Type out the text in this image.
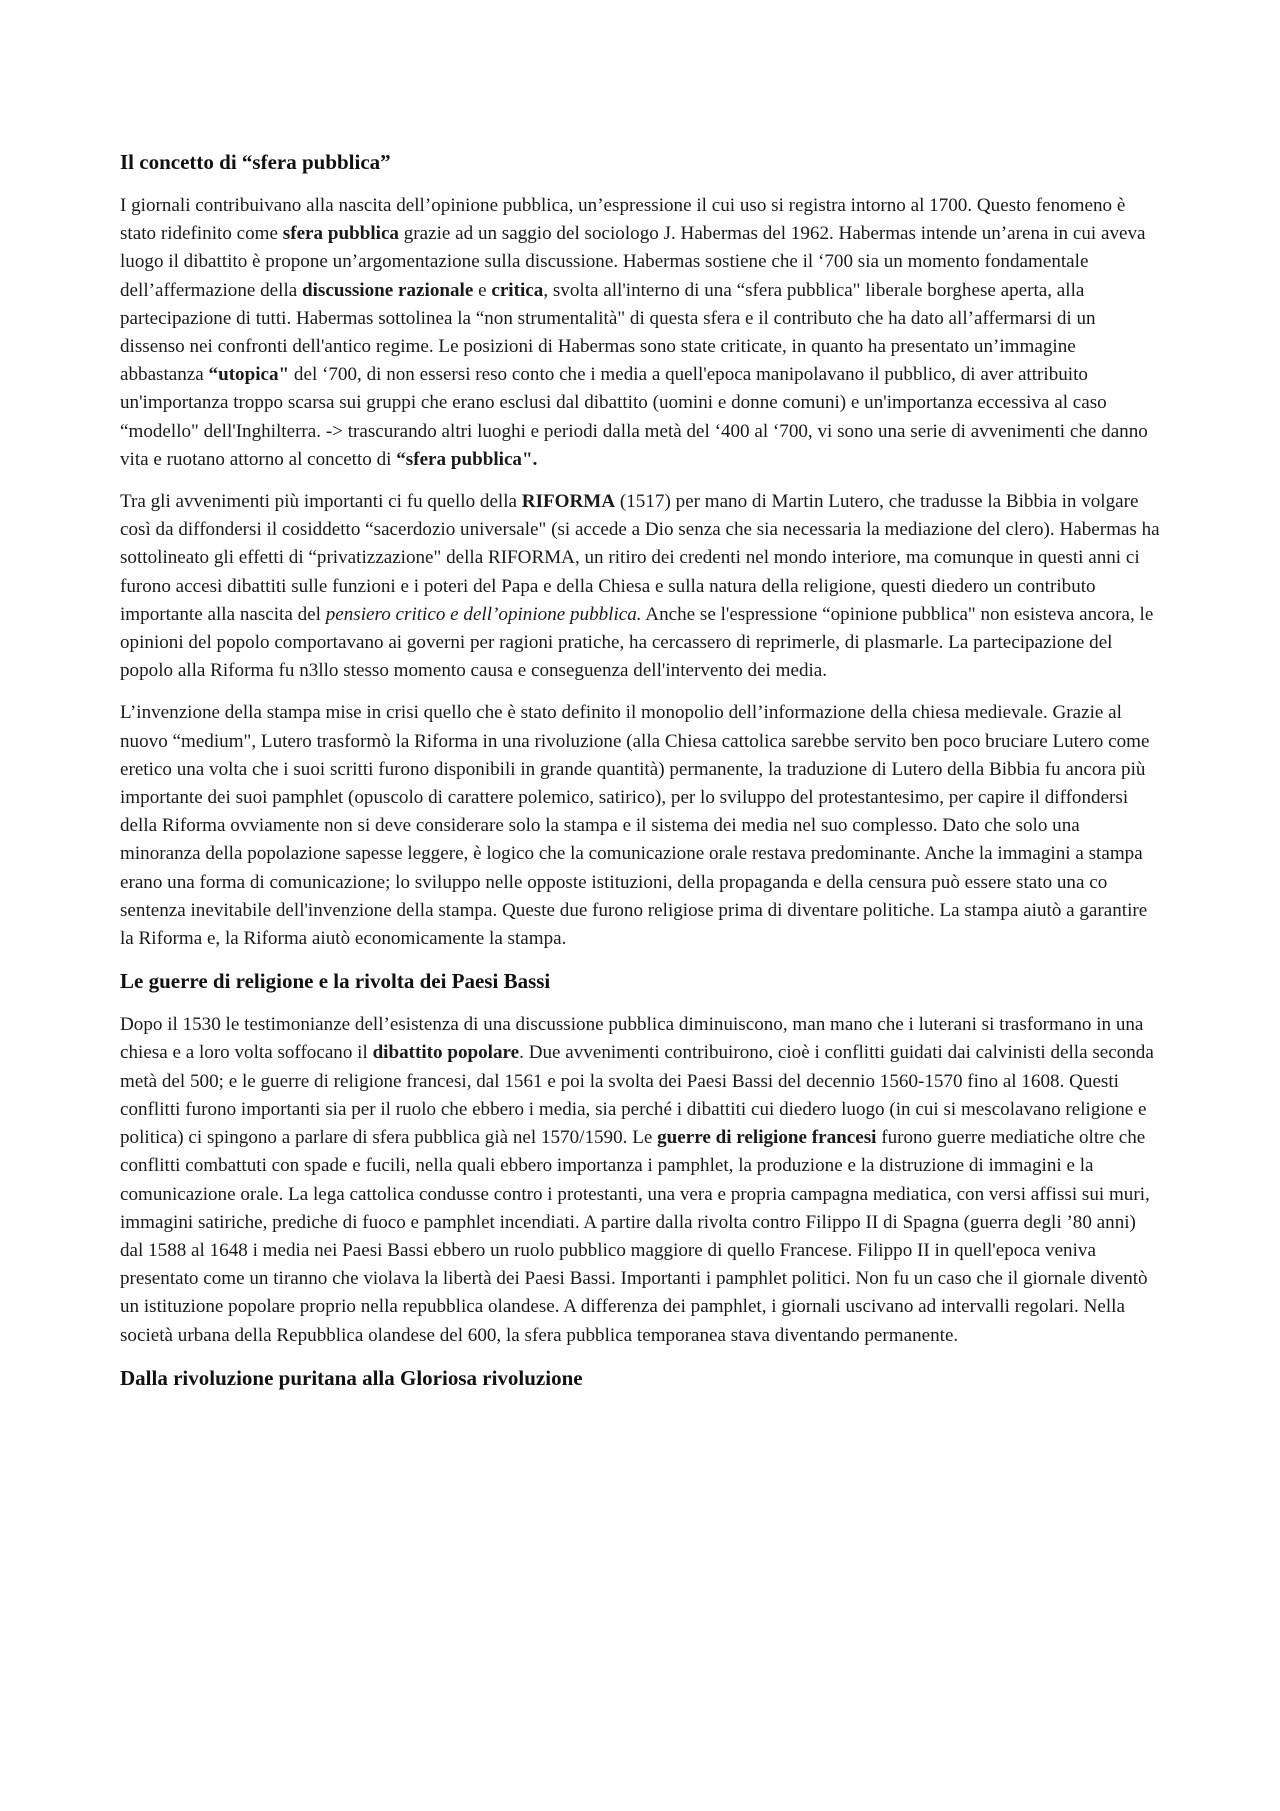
Il concetto di “sfera pubblica”

I giornali contribuivano alla nascita dell’opinione pubblica, un’espressione il cui uso si registra intorno al 1700. Questo fenomeno è stato ridefinito come sfera pubblica grazie ad un saggio del sociologo J. Habermas del 1962. Habermas intende un’arena in cui aveva luogo il dibattito è propone un’argomentazione sulla discussione. Habermas sostiene che il ‘700 sia un momento fondamentale dell’affermazione della discussione razionale e critica, svolta all'interno di una “sfera pubblica" liberale borghese aperta, alla partecipazione di tutti. Habermas sottolinea la “non strumentalità" di questa sfera e il contributo che ha dato all’affermarsi di un dissenso nei confronti dell'antico regime. Le posizioni di Habermas sono state criticate, in quanto ha presentato un’immagine abbastanza “utopica" del ‘700, di non essersi reso conto che i media a quell'epoca manipolavano il pubblico, di aver attribuito un'importanza troppo scarsa sui gruppi che erano esclusi dal dibattito (uomini e donne comuni) e un'importanza eccessiva al caso “modello" dell'Inghilterra. -> trascurando altri luoghi e periodi dalla metà del ‘400 al ‘700, vi sono una serie di avvenimenti che danno vita e ruotano attorno al concetto di “sfera pubblica".

Tra gli avvenimenti più importanti ci fu quello della RIFORMA (1517) per mano di Martin Lutero, che tradusse la Bibbia in volgare così da diffondersi il cosiddetto “sacerdozio universale" (si accede a Dio senza che sia necessaria la mediazione del clero). Habermas ha sottolineato gli effetti di “privatizzazione" della RIFORMA, un ritiro dei credenti nel mondo interiore, ma comunque in questi anni ci furono accesi dibattiti sulle funzioni e i poteri del Papa e della Chiesa e sulla natura della religione, questi diedero un contributo importante alla nascita del pensiero critico e dell’opinione pubblica. Anche se l'espressione “opinione pubblica" non esisteva ancora, le opinioni del popolo comportavano ai governi per ragioni pratiche, ha cercassero di reprimerle, di plasmarle. La partecipazione del popolo alla Riforma fu n3llo stesso momento causa e conseguenza dell'intervento dei media.

L’invenzione della stampa mise in crisi quello che è stato definito il monopolio dell’informazione della chiesa medievale. Grazie al nuovo “medium", Lutero trasformò la Riforma in una rivoluzione (alla Chiesa cattolica sarebbe servito ben poco bruciare Lutero come eretico una volta che i suoi scritti furono disponibili in grande quantità) permanente, la traduzione di Lutero della Bibbia fu ancora più importante dei suoi pamphlet (opuscolo di carattere polemico, satirico), per lo sviluppo del protestantesimo, per capire il diffondersi della Riforma ovviamente non si deve considerare solo la stampa e il sistema dei media nel suo complesso. Dato che solo una minoranza della popolazione sapesse leggere, è logico che la comunicazione orale restava predominante. Anche la immagini a stampa erano una forma di comunicazione; lo sviluppo nelle opposte istituzioni, della propaganda e della censura può essere stato una co sentenza inevitabile dell'invenzione della stampa. Queste due furono religiose prima di diventare politiche. La stampa aiutò a garantire la Riforma e, la Riforma aiutò economicamente la stampa.

Le guerre di religione e la rivolta dei Paesi Bassi

Dopo il 1530 le testimonianze dell’esistenza di una discussione pubblica diminuiscono, man mano che i luterani si trasformano in una chiesa e a loro volta soffocano il dibattito popolare. Due avvenimenti contribuirono, cioè i conflitti guidati dai calvinisti della seconda metà del 500; e le guerre di religione francesi, dal 1561 e poi la svolta dei Paesi Bassi del decennio 1560-1570 fino al 1608. Questi conflitti furono importanti sia per il ruolo che ebbero i media, sia perché i dibattiti cui diedero luogo (in cui si mescolavano religione e politica) ci spingono a parlare di sfera pubblica già nel 1570/1590. Le guerre di religione francesi furono guerre mediatiche oltre che conflitti combattuti con spade e fucili, nella quali ebbero importanza i pamphlet, la produzione e la distruzione di immagini e la comunicazione orale. La lega cattolica condusse contro i protestanti, una vera e propria campagna mediatica, con versi affissi sui muri, immagini satiriche, prediche di fuoco e pamphlet incendiati. A partire dalla rivolta contro Filippo II di Spagna (guerra degli ’80 anni) dal 1588 al 1648 i media nei Paesi Bassi ebbero un ruolo pubblico maggiore di quello Francese. Filippo II in quell'epoca veniva presentato come un tiranno che violava la libertà dei Paesi Bassi. Importanti i pamphlet politici. Non fu un caso che il giornale diventò un istituzione popolare proprio nella repubblica olandese. A differenza dei pamphlet, i giornali uscivano ad intervalli regolari. Nella società urbana della Repubblica olandese del 600, la sfera pubblica temporanea stava diventando permanente.

Dalla rivoluzione puritana alla Gloriosa rivoluzione
